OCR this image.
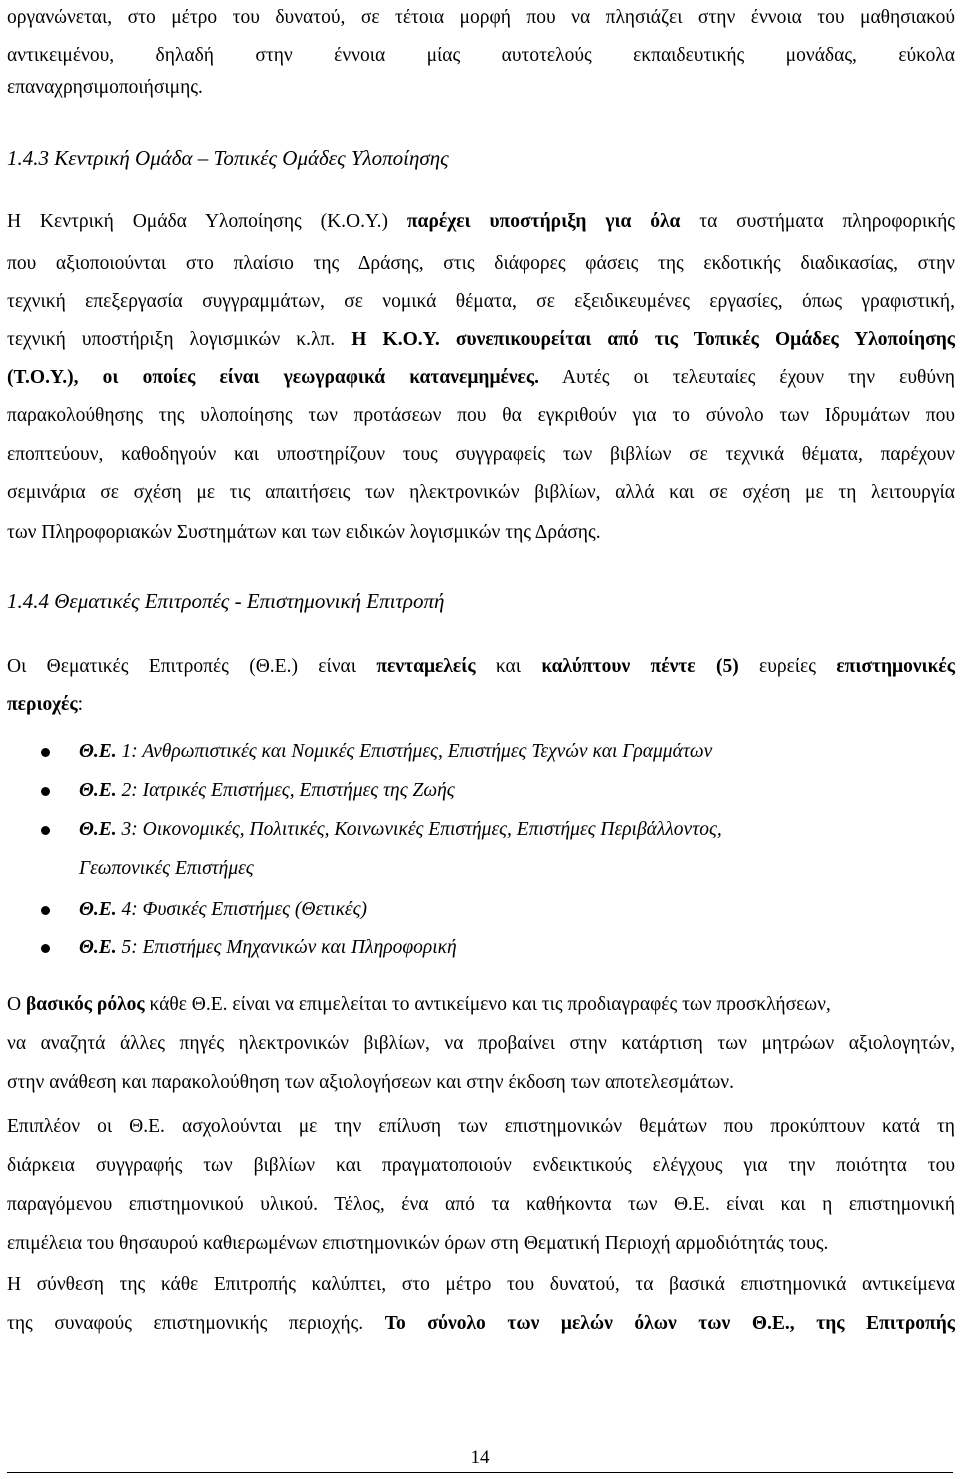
οργανώνεται, στο μέτρο του δυνατού, σε τέτοια μορφή που να πλησιάζει στην έννοια του μαθησιακού
αντικειμένου, δηλαδή στην έννοια μίας αυτοτελούς εκπαιδευτικής μονάδας, εύκολα
επαναχρησιμοποιήσιμης.
1.4.3 Κεντρική Ομάδα – Τοπικές Ομάδες Υλοποίησης
Η Κεντρική Ομάδα Υλοποίησης (Κ.Ο.Υ.) παρέχει υποστήριξη για όλα τα συστήματα πληροφορικής
που αξιοποιούνται στο πλαίσιο της Δράσης, στις διάφορες φάσεις της εκδοτικής διαδικασίας, στην
τεχνική επεξεργασία συγγραμμάτων, σε νομικά θέματα, σε εξειδικευμένες εργασίες, όπως γραφιστική,
τεχνική υποστήριξη λογισμικών κ.λπ. Η Κ.Ο.Υ. συνεπικουρείται από τις Τοπικές Ομάδες Υλοποίησης
(Τ.Ο.Υ.), οι οποίες είναι γεωγραφικά κατανεμημένες. Αυτές οι τελευταίες έχουν την ευθύνη
παρακολούθησης της υλοποίησης των προτάσεων που θα εγκριθούν για το σύνολο των Ιδρυμάτων που
εποπτεύουν, καθοδηγούν και υποστηρίζουν τους συγγραφείς των βιβλίων σε τεχνικά θέματα, παρέχουν
σεμινάρια σε σχέση με τις απαιτήσεις των ηλεκτρονικών βιβλίων, αλλά και σε σχέση με τη λειτουργία
των Πληροφοριακών Συστημάτων και των ειδικών λογισμικών της Δράσης.
1.4.4 Θεματικές Επιτροπές - Επιστημονική Επιτροπή
Οι Θεματικές Επιτροπές (Θ.Ε.) είναι πενταμελείς και καλύπτουν πέντε (5) ευρείες επιστημονικές
περιοχές:
Θ.Ε. 1: Ανθρωπιστικές και Νομικές Επιστήμες, Επιστήμες Τεχνών και Γραμμάτων
Θ.Ε. 2: Ιατρικές Επιστήμες, Επιστήμες της Ζωής
Θ.Ε. 3: Οικονομικές, Πολιτικές, Κοινωνικές Επιστήμες, Επιστήμες Περιβάλλοντος,
Γεωπονικές Επιστήμες
Θ.Ε. 4: Φυσικές Επιστήμες (Θετικές)
Θ.Ε. 5: Επιστήμες Μηχανικών και Πληροφορική
Ο βασικός ρόλος κάθε Θ.Ε. είναι να επιμελείται το αντικείμενο και τις προδιαγραφές των προσκλήσεων,
να αναζητά άλλες πηγές ηλεκτρονικών βιβλίων, να προβαίνει στην κατάρτιση των μητρώων αξιολογητών,
στην ανάθεση και παρακολούθηση των αξιολογήσεων και στην έκδοση των αποτελεσμάτων.
Επιπλέον οι Θ.Ε. ασχολούνται με την επίλυση των επιστημονικών θεμάτων που προκύπτουν κατά τη
διάρκεια συγγραφής των βιβλίων και πραγματοποιούν ενδεικτικούς ελέγχους για την ποιότητα του
παραγόμενου επιστημονικού υλικού. Τέλος, ένα από τα καθήκοντα των Θ.Ε. είναι και η επιστημονική
επιμέλεια του θησαυρού καθιερωμένων επιστημονικών όρων στη Θεματική Περιοχή αρμοδιότητάς τους.
Η σύνθεση της κάθε Επιτροπής καλύπτει, στο μέτρο του δυνατού, τα βασικά επιστημονικά αντικείμενα
της συναφούς επιστημονικής περιοχής. Το σύνολο των μελών όλων των Θ.Ε., της Επιτροπής
14
